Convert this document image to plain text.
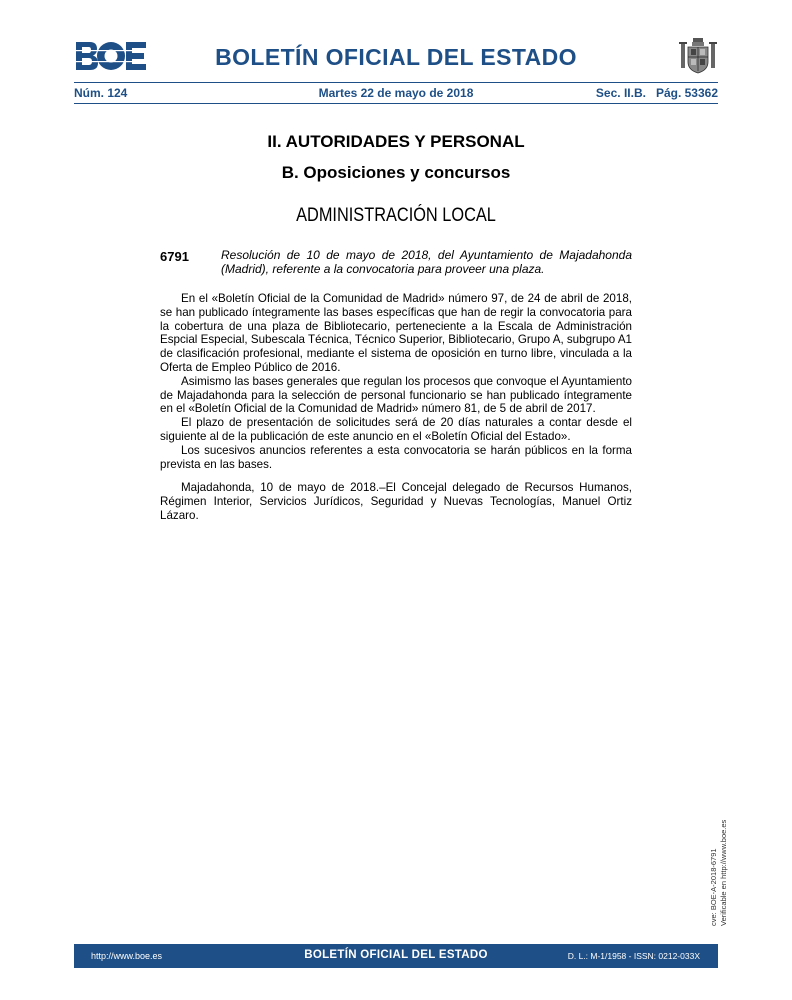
BOLETÍN OFICIAL DEL ESTADO
Núm. 124	Martes 22 de mayo de 2018	Sec. II.B.   Pág. 53362
II. AUTORIDADES Y PERSONAL
B. Oposiciones y concursos
ADMINISTRACIÓN LOCAL
6791	Resolución de 10 de mayo de 2018, del Ayuntamiento de Majadahonda (Madrid), referente a la convocatoria para proveer una plaza.

En el «Boletín Oficial de la Comunidad de Madrid» número 97, de 24 de abril de 2018, se han publicado íntegramente las bases específicas que han de regir la convocatoria para la cobertura de una plaza de Bibliotecario, perteneciente a la Escala de Administración Espcial Especial, Subescala Técnica, Técnico Superior, Bibliotecario, Grupo A, subgrupo A1 de clasificación profesional, mediante el sistema de oposición en turno libre, vinculada a la Oferta de Empleo Público de 2016.

Asimismo las bases generales que regulan los procesos que convoque el Ayuntamiento de Majadahonda para la selección de personal funcionario se han publicado íntegramente en el «Boletín Oficial de la Comunidad de Madrid» número 81, de 5 de abril de 2017.

El plazo de presentación de solicitudes será de 20 días naturales a contar desde el siguiente al de la publicación de este anuncio en el «Boletín Oficial del Estado».

Los sucesivos anuncios referentes a esta convocatoria se harán públicos en la forma prevista en las bases.

Majadahonda, 10 de mayo de 2018.–El Concejal delegado de Recursos Humanos, Régimen Interior, Servicios Jurídicos, Seguridad y Nuevas Tecnologías, Manuel Ortiz Lázaro.

cve: BOE-A-2018-6791 Verificable en http://www.boe.es
http://www.boe.es	BOLETÍN OFICIAL DEL ESTADO	D. L.: M-1/1958 - ISSN: 0212-033X
